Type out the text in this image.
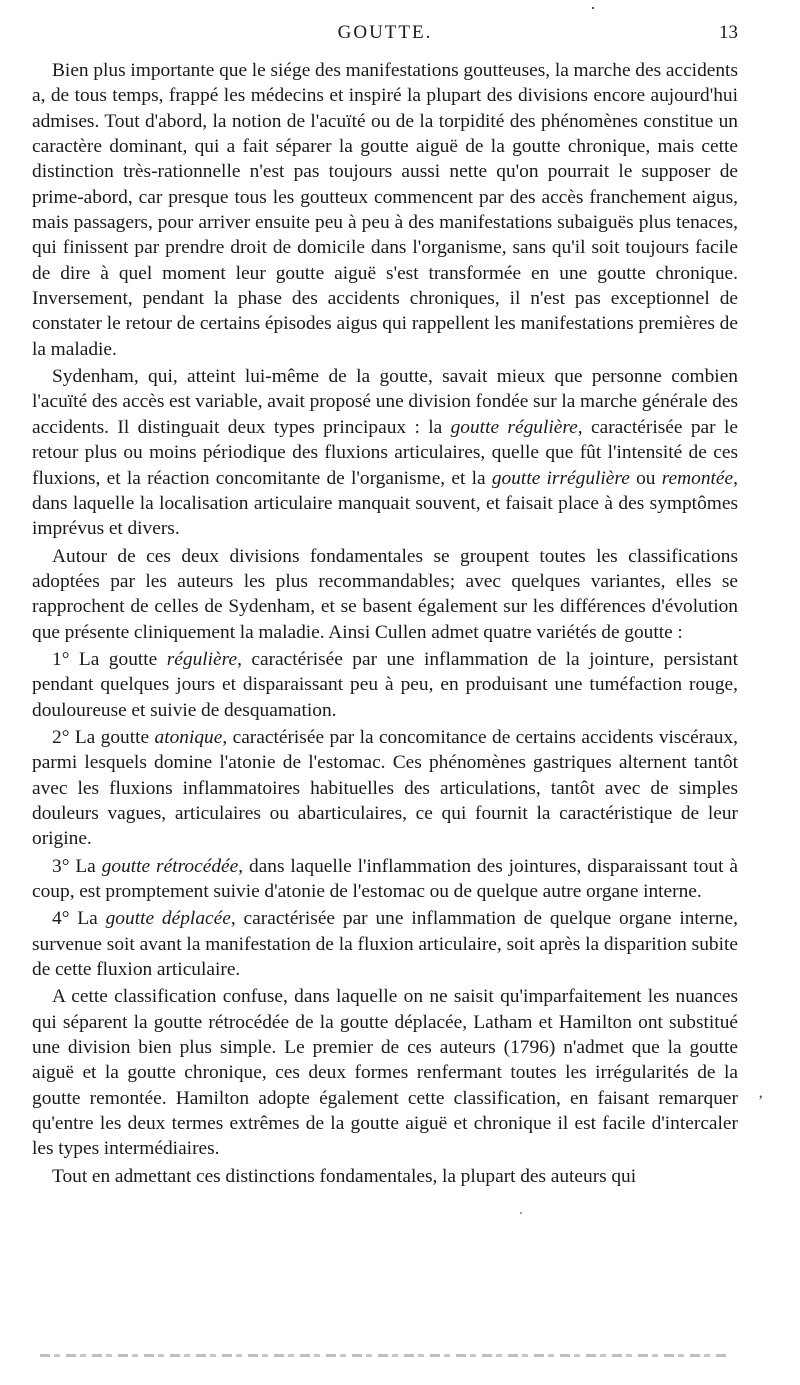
GOUTTE.	13

Bien plus importante que le siége des manifestations goutteuses, la marche des accidents a, de tous temps, frappé les médecins et inspiré la plupart des divisions encore aujourd'hui admises. Tout d'abord, la notion de l'acuïté ou de la torpidité des phénomènes constitue un caractère dominant, qui a fait séparer la goutte aiguë de la goutte chronique, mais cette distinction très-rationnelle n'est pas toujours aussi nette qu'on pourrait le supposer de prime-abord, car presque tous les goutteux commencent par des accès franchement aigus, mais passagers, pour arriver ensuite peu à peu à des manifestations subaiguës plus tenaces, qui finissent par prendre droit de domicile dans l'organisme, sans qu'il soit toujours facile de dire à quel moment leur goutte aiguë s'est transformée en une goutte chronique. Inversement, pendant la phase des accidents chroniques, il n'est pas exceptionnel de constater le retour de certains épisodes aigus qui rappellent les manifestations premières de la maladie.

Sydenham, qui, atteint lui-même de la goutte, savait mieux que personne combien l'acuïté des accès est variable, avait proposé une division fondée sur la marche générale des accidents. Il distinguait deux types principaux : la goutte régulière, caractérisée par le retour plus ou moins périodique des fluxions articulaires, quelle que fût l'intensité de ces fluxions, et la réaction concomitante de l'organisme, et la goutte irrégulière ou remontée, dans laquelle la localisation articulaire manquait souvent, et faisait place à des symptômes imprévus et divers.

Autour de ces deux divisions fondamentales se groupent toutes les classifications adoptées par les auteurs les plus recommandables; avec quelques variantes, elles se rapprochent de celles de Sydenham, et se basent également sur les différences d'évolution que présente cliniquement la maladie. Ainsi Cullen admet quatre variétés de goutte :

1° La goutte régulière, caractérisée par une inflammation de la jointure, persistant pendant quelques jours et disparaissant peu à peu, en produisant une tuméfaction rouge, douloureuse et suivie de desquamation.

2° La goutte atonique, caractérisée par la concomitance de certains accidents viscéraux, parmi lesquels domine l'atonie de l'estomac. Ces phénomènes gastriques alternent tantôt avec les fluxions inflammatoires habituelles des articulations, tantôt avec de simples douleurs vagues, articulaires ou abarticulaires, ce qui fournit la caractéristique de leur origine.

3° La goutte rétrocédée, dans laquelle l'inflammation des jointures, disparaissant tout à coup, est promptement suivie d'atonie de l'estomac ou de quelque autre organe interne.

4° La goutte déplacée, caractérisée par une inflammation de quelque organe interne, survenue soit avant la manifestation de la fluxion articulaire, soit après la disparition subite de cette fluxion articulaire.

A cette classification confuse, dans laquelle on ne saisit qu'imparfaitement les nuances qui séparent la goutte rétrocédée de la goutte déplacée, Latham et Hamilton ont substitué une division bien plus simple. Le premier de ces auteurs (1796) n'admet que la goutte aiguë et la goutte chronique, ces deux formes renfermant toutes les irrégularités de la goutte remontée. Hamilton adopte également cette classification, en faisant remarquer qu'entre les deux termes extrêmes de la goutte aiguë et chronique il est facile d'intercaler les types intermédiaires.

Tout en admettant ces distinctions fondamentales, la plupart des auteurs qui

ʼ
